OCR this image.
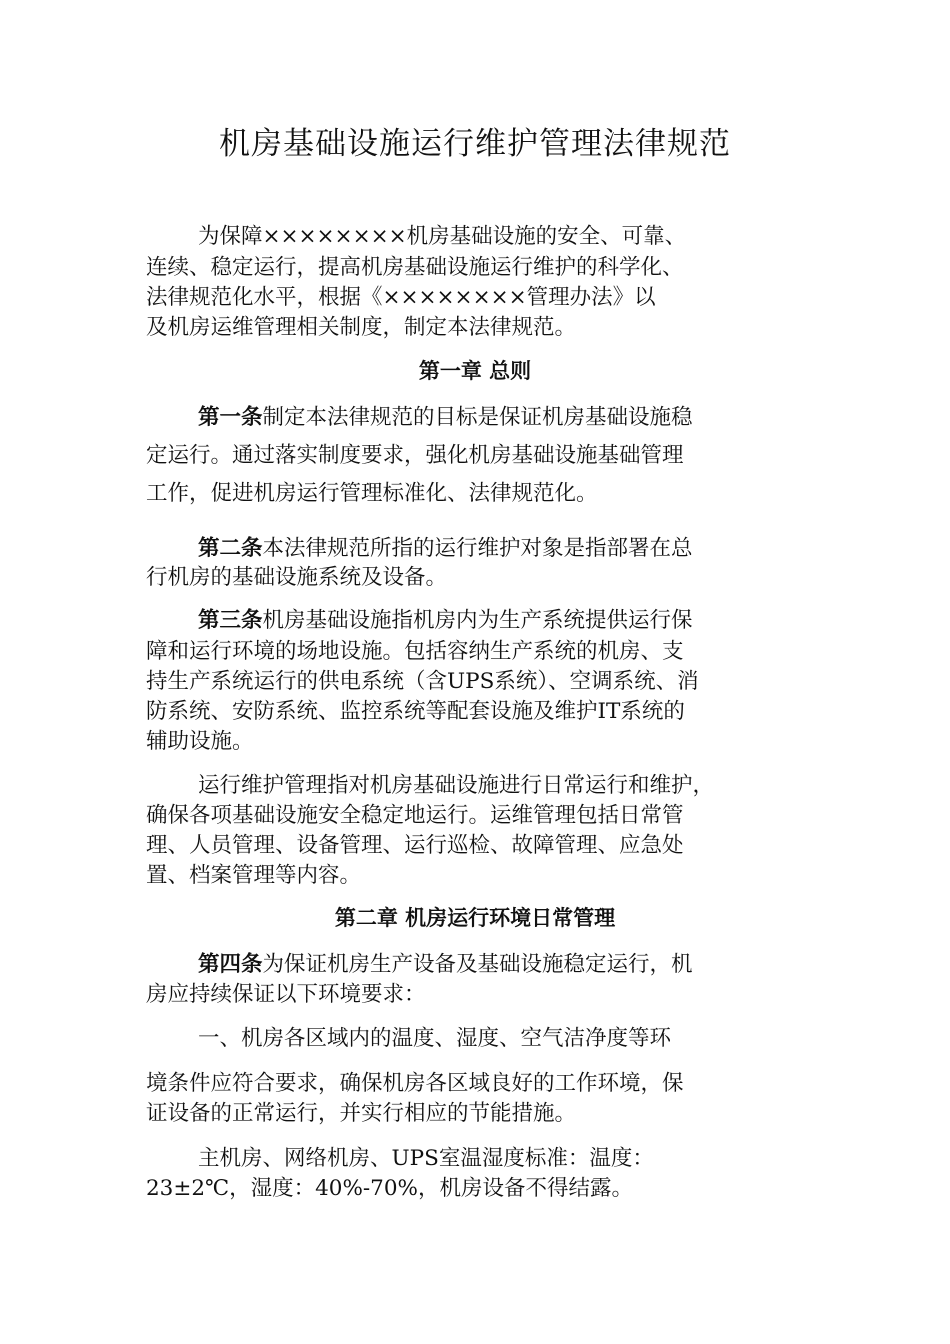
机房基础设施运行维护管理法律规范
为保障××××××××机房基础设施的安全、可靠、
连续、稳定运行，提高机房基础设施运行维护的科学化、
法律规范化水平，根据《××××××××管理办法》以
及机房运维管理相关制度，制定本法律规范。
第一章 总则
第一条制定本法律规范的目标是保证机房基础设施稳
定运行。通过落实制度要求，强化机房基础设施基础管理
工作，促进机房运行管理标准化、法律规范化。
第二条本法律规范所指的运行维护对象是指部署在总
行机房的基础设施系统及设备。
第三条机房基础设施指机房内为生产系统提供运行保
障和运行环境的场地设施。包括容纳生产系统的机房、支
持生产系统运行的供电系统（含UPS系统）、空调系统、消
防系统、安防系统、监控系统等配套设施及维护IT系统的
辅助设施。
运行维护管理指对机房基础设施进行日常运行和维护，
确保各项基础设施安全稳定地运行。运维管理包括日常管
理、人员管理、设备管理、运行巡检、故障管理、应急处
置、档案管理等内容。
第二章 机房运行环境日常管理
第四条为保证机房生产设备及基础设施稳定运行，机
房应持续保证以下环境要求：
一、机房各区域内的温度、湿度、空气洁净度等环
境条件应符合要求，确保机房各区域良好的工作环境，保
证设备的正常运行，并实行相应的节能措施。
主机房、网络机房、UPS室温湿度标准：温度：
23±2℃，湿度：40%-70%，机房设备不得结露。
